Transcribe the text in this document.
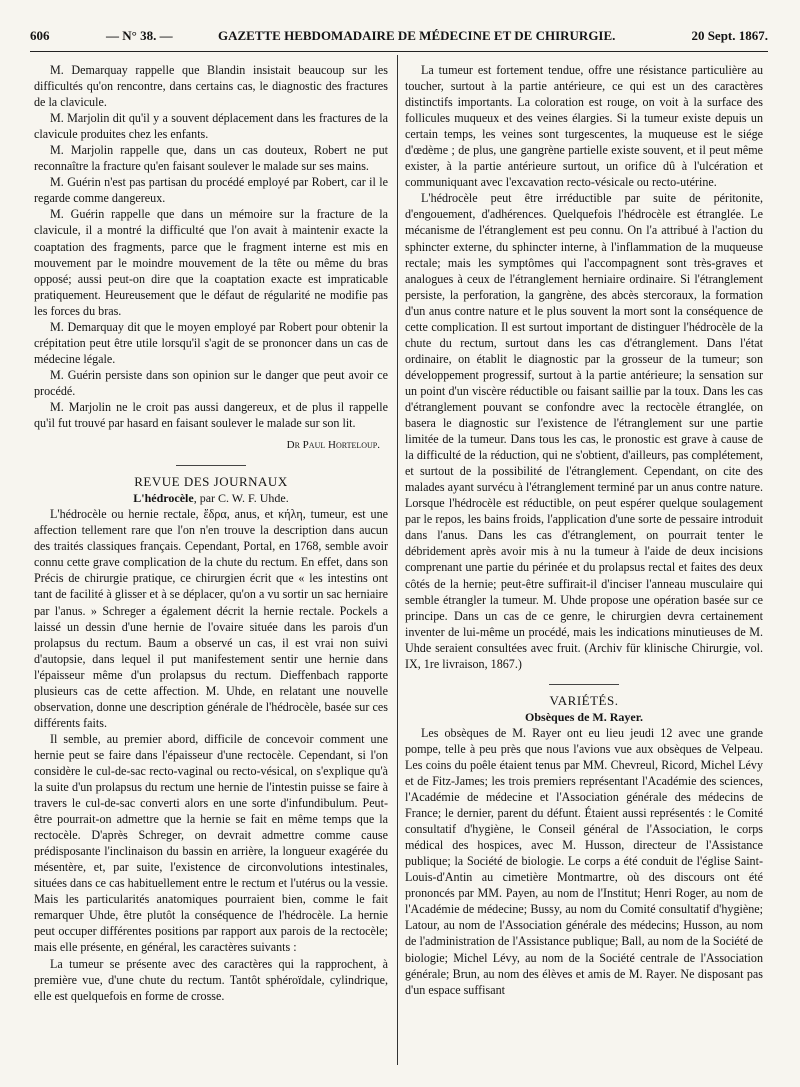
606	— N° 38. —	GAZETTE HEBDOMADAIRE DE MÉDECINE ET DE CHIRURGIE.	20 Sept. 1867.

M. Demarquay rappelle que Blandin insistait beaucoup sur les difficultés qu'on rencontre, dans certains cas, le diagnostic des fractures de la clavicule.

M. Marjolin dit qu'il y a souvent déplacement dans les fractures de la clavicule produites chez les enfants.

M. Marjolin rappelle que, dans un cas douteux, Robert ne put reconnaître la fracture qu'en faisant soulever le malade sur ses mains.

M. Guérin n'est pas partisan du procédé employé par Robert, car il le regarde comme dangereux.

M. Guérin rappelle que dans un mémoire sur la fracture de la clavicule, il a montré la difficulté que l'on avait à maintenir exacte la coaptation des fragments, parce que le fragment interne est mis en mouvement par le moindre mouvement de la tête ou même du bras opposé; aussi peut-on dire que la coaptation exacte est impraticable pratiquement. Heureusement que le défaut de régularité ne modifie pas les forces du bras.

M. Demarquay dit que le moyen employé par Robert pour obtenir la crépitation peut être utile lorsqu'il s'agit de se prononcer dans un cas de médecine légale.

M. Guérin persiste dans son opinion sur le danger que peut avoir ce procédé.

M. Marjolin ne le croit pas aussi dangereux, et de plus il rappelle qu'il fut trouvé par hasard en faisant soulever le malade sur son lit.

Dr Paul Horteloup.

REVUE DES JOURNAUX

L'hédrocèle, par C. W. F. Uhde.

L'hédrocèle ou hernie rectale, ἕδρα, anus, et κήλη, tumeur, est une affection tellement rare que l'on n'en trouve la description dans aucun des traités classiques français. Cependant, Portal, en 1768, semble avoir connu cette grave complication de la chute du rectum. En effet, dans son Précis de chirurgie pratique, ce chirurgien écrit que « les intestins ont tant de facilité à glisser et à se déplacer, qu'on a vu sortir un sac herniaire par l'anus. » Schreger a également décrit la hernie rectale. Pockels a laissé un dessin d'une hernie de l'ovaire située dans les parois d'un prolapsus du rectum. Baum a observé un cas, il est vrai non suivi d'autopsie, dans lequel il put manifestement sentir une hernie dans l'épaisseur même d'un prolapsus du rectum. Dieffenbach rapporte plusieurs cas de cette affection. M. Uhde, en relatant une nouvelle observation, donne une description générale de l'hédrocèle, basée sur ces différents faits.

Il semble, au premier abord, difficile de concevoir comment une hernie peut se faire dans l'épaisseur d'une rectocèle. Cependant, si l'on considère le cul-de-sac recto-vaginal ou recto-vésical, on s'explique qu'à la suite d'un prolapsus du rectum une hernie de l'intestin puisse se faire à travers le cul-de-sac converti alors en une sorte d'infundibulum. Peut-être pourrait-on admettre que la hernie se fait en même temps que la rectocèle. D'après Schreger, on devrait admettre comme cause prédisposante l'inclinaison du bassin en arrière, la longueur exagérée du mésentère, et, par suite, l'existence de circonvolutions intestinales, situées dans ce cas habituellement entre le rectum et l'utérus ou la vessie. Mais les particularités anatomiques pourraient bien, comme le fait remarquer Uhde, être plutôt la conséquence de l'hédrocèle. La hernie peut occuper différentes positions par rapport aux parois de la rectocèle; mais elle présente, en général, les caractères suivants :

La tumeur se présente avec des caractères qui la rapprochent, à première vue, d'une chute du rectum. Tantôt sphéroïdale, cylindrique, elle est quelquefois en forme de crosse.

La tumeur est fortement tendue, offre une résistance particulière au toucher, surtout à la partie antérieure, ce qui est un des caractères distinctifs importants. La coloration est rouge, on voit à la surface des follicules muqueux et des veines élargies. Si la tumeur existe depuis un certain temps, les veines sont turgescentes, la muqueuse est le siége d'œdème ; de plus, une gangrène partielle existe souvent, et il peut même exister, à la partie antérieure surtout, un orifice dû à l'ulcération et communiquant avec l'excavation recto-vésicale ou recto-utérine.

L'hédrocèle peut être irréductible par suite de péritonite, d'engouement, d'adhérences. Quelquefois l'hédrocèle est étranglée. Le mécanisme de l'étranglement est peu connu. On l'a attribué à l'action du sphincter externe, du sphincter interne, à l'inflammation de la muqueuse rectale; mais les symptômes qui l'accompagnent sont très-graves et analogues à ceux de l'étranglement herniaire ordinaire. Si l'étranglement persiste, la perforation, la gangrène, des abcès stercoraux, la formation d'un anus contre nature et le plus souvent la mort sont la conséquence de cette complication. Il est surtout important de distinguer l'hédrocèle de la chute du rectum, surtout dans les cas d'étranglement. Dans l'état ordinaire, on établit le diagnostic par la grosseur de la tumeur; son développement progressif, surtout à la partie antérieure; la sensation sur un point d'un viscère réductible ou faisant saillie par la toux. Dans les cas d'étranglement pouvant se confondre avec la rectocèle étranglée, on basera le diagnostic sur l'existence de l'étranglement sur une partie limitée de la tumeur. Dans tous les cas, le pronostic est grave à cause de la difficulté de la réduction, qui ne s'obtient, d'ailleurs, pas complétement, et surtout de la possibilité de l'étranglement. Cependant, on cite des malades ayant survécu à l'étranglement terminé par un anus contre nature. Lorsque l'hédrocèle est réductible, on peut espérer quelque soulagement par le repos, les bains froids, l'application d'une sorte de pessaire introduit dans l'anus. Dans les cas d'étranglement, on pourrait tenter le débridement après avoir mis à nu la tumeur à l'aide de deux incisions comprenant une partie du périnée et du prolapsus rectal et faites des deux côtés de la hernie; peut-être suffirait-il d'inciser l'anneau musculaire qui semble étrangler la tumeur. M. Uhde propose une opération basée sur ce principe. Dans un cas de ce genre, le chirurgien devra certainement inventer de lui-même un procédé, mais les indications minutieuses de M. Uhde seraient consultées avec fruit. (Archiv für klinische Chirurgie, vol. IX, 1re livraison, 1867.)

VARIÉTÉS.

Obsèques de M. Rayer.

Les obsèques de M. Rayer ont eu lieu jeudi 12 avec une grande pompe, telle à peu près que nous l'avions vue aux obsèques de Velpeau. Les coins du poêle étaient tenus par MM. Chevreul, Ricord, Michel Lévy et de Fitz-James; les trois premiers représentant l'Académie des sciences, l'Académie de médecine et l'Association générale des médecins de France; le dernier, parent du défunt. Étaient aussi représentés : le Comité consultatif d'hygiène, le Conseil général de l'Association, le corps médical des hospices, avec M. Husson, directeur de l'Assistance publique; la Société de biologie. Le corps a été conduit de l'église Saint-Louis-d'Antin au cimetière Montmartre, où des discours ont été prononcés par MM. Payen, au nom de l'Institut; Henri Roger, au nom de l'Académie de médecine; Bussy, au nom du Comité consultatif d'hygiène; Latour, au nom de l'Association générale des médecins; Husson, au nom de l'administration de l'Assistance publique; Ball, au nom de la Société de biologie; Michel Lévy, au nom de la Société centrale de l'Association générale; Brun, au nom des élèves et amis de M. Rayer. Ne disposant pas d'un espace suffisant
